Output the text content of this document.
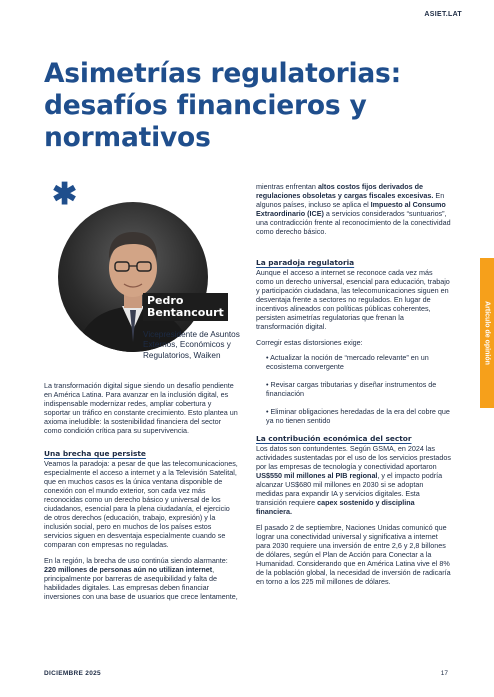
ASIET.LAT
Asimetrías regulatorias:
desafíos financieros y
normativos
Artículo de opinión
✱
Pedro
Bentancourt
Vicepresidente de Asuntos Externos, Económicos y Regulatorios, Waiken

La transformación digital sigue siendo un desafío pendiente en América Latina. Para avanzar en la inclusión digital, es indispensable modernizar redes, ampliar cobertura y soportar un tráfico en constante crecimiento. Esto plantea un axioma ineludible: la sostenibilidad financiera del sector como condición crítica para su supervivencia.

Una brecha que persiste

Veamos la paradoja: a pesar de que las telecomunicaciones, especialmente el acceso a internet y a la Televisión Satelital, que en muchos casos es la única ventana disponible de conexión con el mundo exterior, son cada vez más reconocidas como un derecho básico y universal de los ciudadanos, esencial para la plena ciudadanía, el ejercicio de otros derechos (educación, trabajo, expresión) y la inclusión social, pero en muchos de los países estos servicios siguen en desventaja especialmente cuando se comparan con empresas no reguladas.

En la región, la brecha de uso continúa siendo alarmante: 220 millones de personas aún no utilizan internet, principalmente por barreras de asequibilidad y falta de habilidades digitales. Las empresas deben financiar inversiones con una base de usuarios que crece lentamente,

mientras enfrentan altos costos fijos derivados de regulaciones obsoletas y cargas fiscales excesivas. En algunos países, incluso se aplica el Impuesto al Consumo Extraordinario (ICE) a servicios considerados “suntuarios”, una contradicción frente al reconocimiento de la conectividad como derecho básico.

La paradoja regulatoria

Aunque el acceso a internet se reconoce cada vez más como un derecho universal, esencial para educación, trabajo y participación ciudadana, las telecomunicaciones siguen en desventaja frente a sectores no regulados. En lugar de incentivos alineados con políticas públicas coherentes, persisten asimetrías regulatorias que frenan la transformación digital.

Corregir estas distorsiones exige:

• Actualizar la noción de “mercado relevante” en un ecosistema convergente
• Revisar cargas tributarias y diseñar instrumentos de financiación
• Eliminar obligaciones heredadas de la era del cobre que ya no tienen sentido
La contribución económica del sector

Los datos son contundentes. Según GSMA, en 2024 las actividades sustentadas por el uso de los servicios prestados por las empresas de tecnología y conectividad aportaron US$550 mil millones al PIB regional, y el impacto podría alcanzar US$680 mil millones en 2030 si se adoptan medidas para expandir IA y servicios digitales. Esta transición requiere capex sostenido y disciplina financiera.

El pasado 2 de septiembre, Naciones Unidas comunicó que lograr una conectividad universal y significativa a internet para 2030 requiere una inversión de entre 2,6 y 2,8 billones de dólares, según el Plan de Acción para Conectar a la Humanidad. Considerando que en América Latina vive el 8% de la población global, la necesidad de inversión de radicaría en torno a los 225 mil millones de dólares.

DICIEMBRE 2025	17
